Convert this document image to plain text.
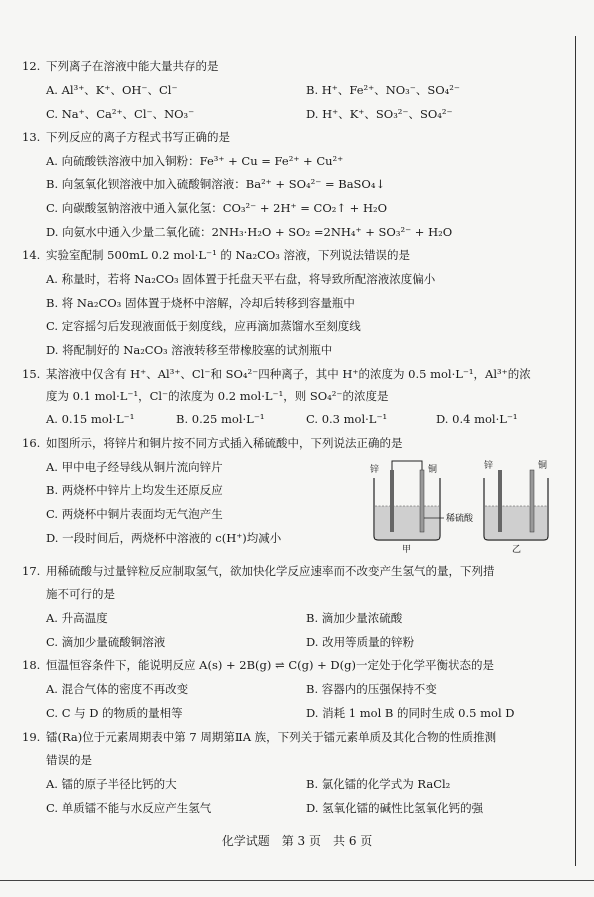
12. 下列离子在溶液中能大量共存的是
A. Al³⁺、K⁺、OH⁻、Cl⁻	B. H⁺、Fe²⁺、NO₃⁻、SO₄²⁻
C. Na⁺、Ca²⁺、Cl⁻、NO₃⁻	D. H⁺、K⁺、SO₃²⁻、SO₄²⁻
13. 下列反应的离子方程式书写正确的是
A. 向硫酸铁溶液中加入铜粉：Fe³⁺ + Cu = Fe²⁺ + Cu²⁺
B. 向氢氧化钡溶液中加入硫酸铜溶液：Ba²⁺ + SO₄²⁻ = BaSO₄↓
C. 向碳酸氢钠溶液中通入氯化氢：CO₃²⁻ + 2H⁺ = CO₂↑ + H₂O
D. 向氨水中通入少量二氧化硫：2NH₃·H₂O + SO₂ =2NH₄⁺ + SO₃²⁻ + H₂O
14. 实验室配制 500mL 0.2 mol·L⁻¹ 的 Na₂CO₃ 溶液，下列说法错误的是
A. 称量时，若将 Na₂CO₃ 固体置于托盘天平右盘，将导致所配溶液浓度偏小
B. 将 Na₂CO₃ 固体置于烧杯中溶解，冷却后转移到容量瓶中
C. 定容摇匀后发现液面低于刻度线，应再滴加蒸馏水至刻度线
D. 将配制好的 Na₂CO₃ 溶液转移至带橡胶塞的试剂瓶中
15. 某溶液中仅含有 H⁺、Al³⁺、Cl⁻和 SO₄²⁻四种离子，其中 H⁺的浓度为 0.5 mol·L⁻¹，Al³⁺的浓
度为 0.1 mol·L⁻¹，Cl⁻的浓度为 0.2 mol·L⁻¹，则 SO₄²⁻的浓度是
A. 0.15 mol·L⁻¹	B. 0.25 mol·L⁻¹	C. 0.3 mol·L⁻¹	D. 0.4 mol·L⁻¹
16. 如图所示，将锌片和铜片按不同方式插入稀硫酸中，下列说法正确的是
A. 甲中电子经导线从铜片流向锌片
B. 两烧杯中锌片上均发生还原反应
C. 两烧杯中铜片表面均无气泡产生
D. 一段时间后，两烧杯中溶液的 c(H⁺)均减小
锌	铜
甲
稀硫酸
锌	铜
乙
17. 用稀硫酸与过量锌粒反应制取氢气，欲加快化学反应速率而不改变产生氢气的量，下列措
施不可行的是
A. 升高温度	B. 滴加少量浓硫酸
C. 滴加少量硫酸铜溶液	D. 改用等质量的锌粉
18. 恒温恒容条件下，能说明反应 A(s) + 2B(g) ⇌ C(g) + D(g)一定处于化学平衡状态的是
A. 混合气体的密度不再改变	B. 容器内的压强保持不变
C. C 与 D 的物质的量相等	D. 消耗 1 mol B 的同时生成 0.5 mol D
19. 镭(Ra)位于元素周期表中第 7 周期第ⅡA 族，下列关于镭元素单质及其化合物的性质推测
错误的是
A. 镭的原子半径比钙的大	B. 氯化镭的化学式为 RaCl₂
C. 单质镭不能与水反应产生氢气	D. 氢氧化镭的碱性比氢氧化钙的强
化学试题　第 3 页　共 6 页
